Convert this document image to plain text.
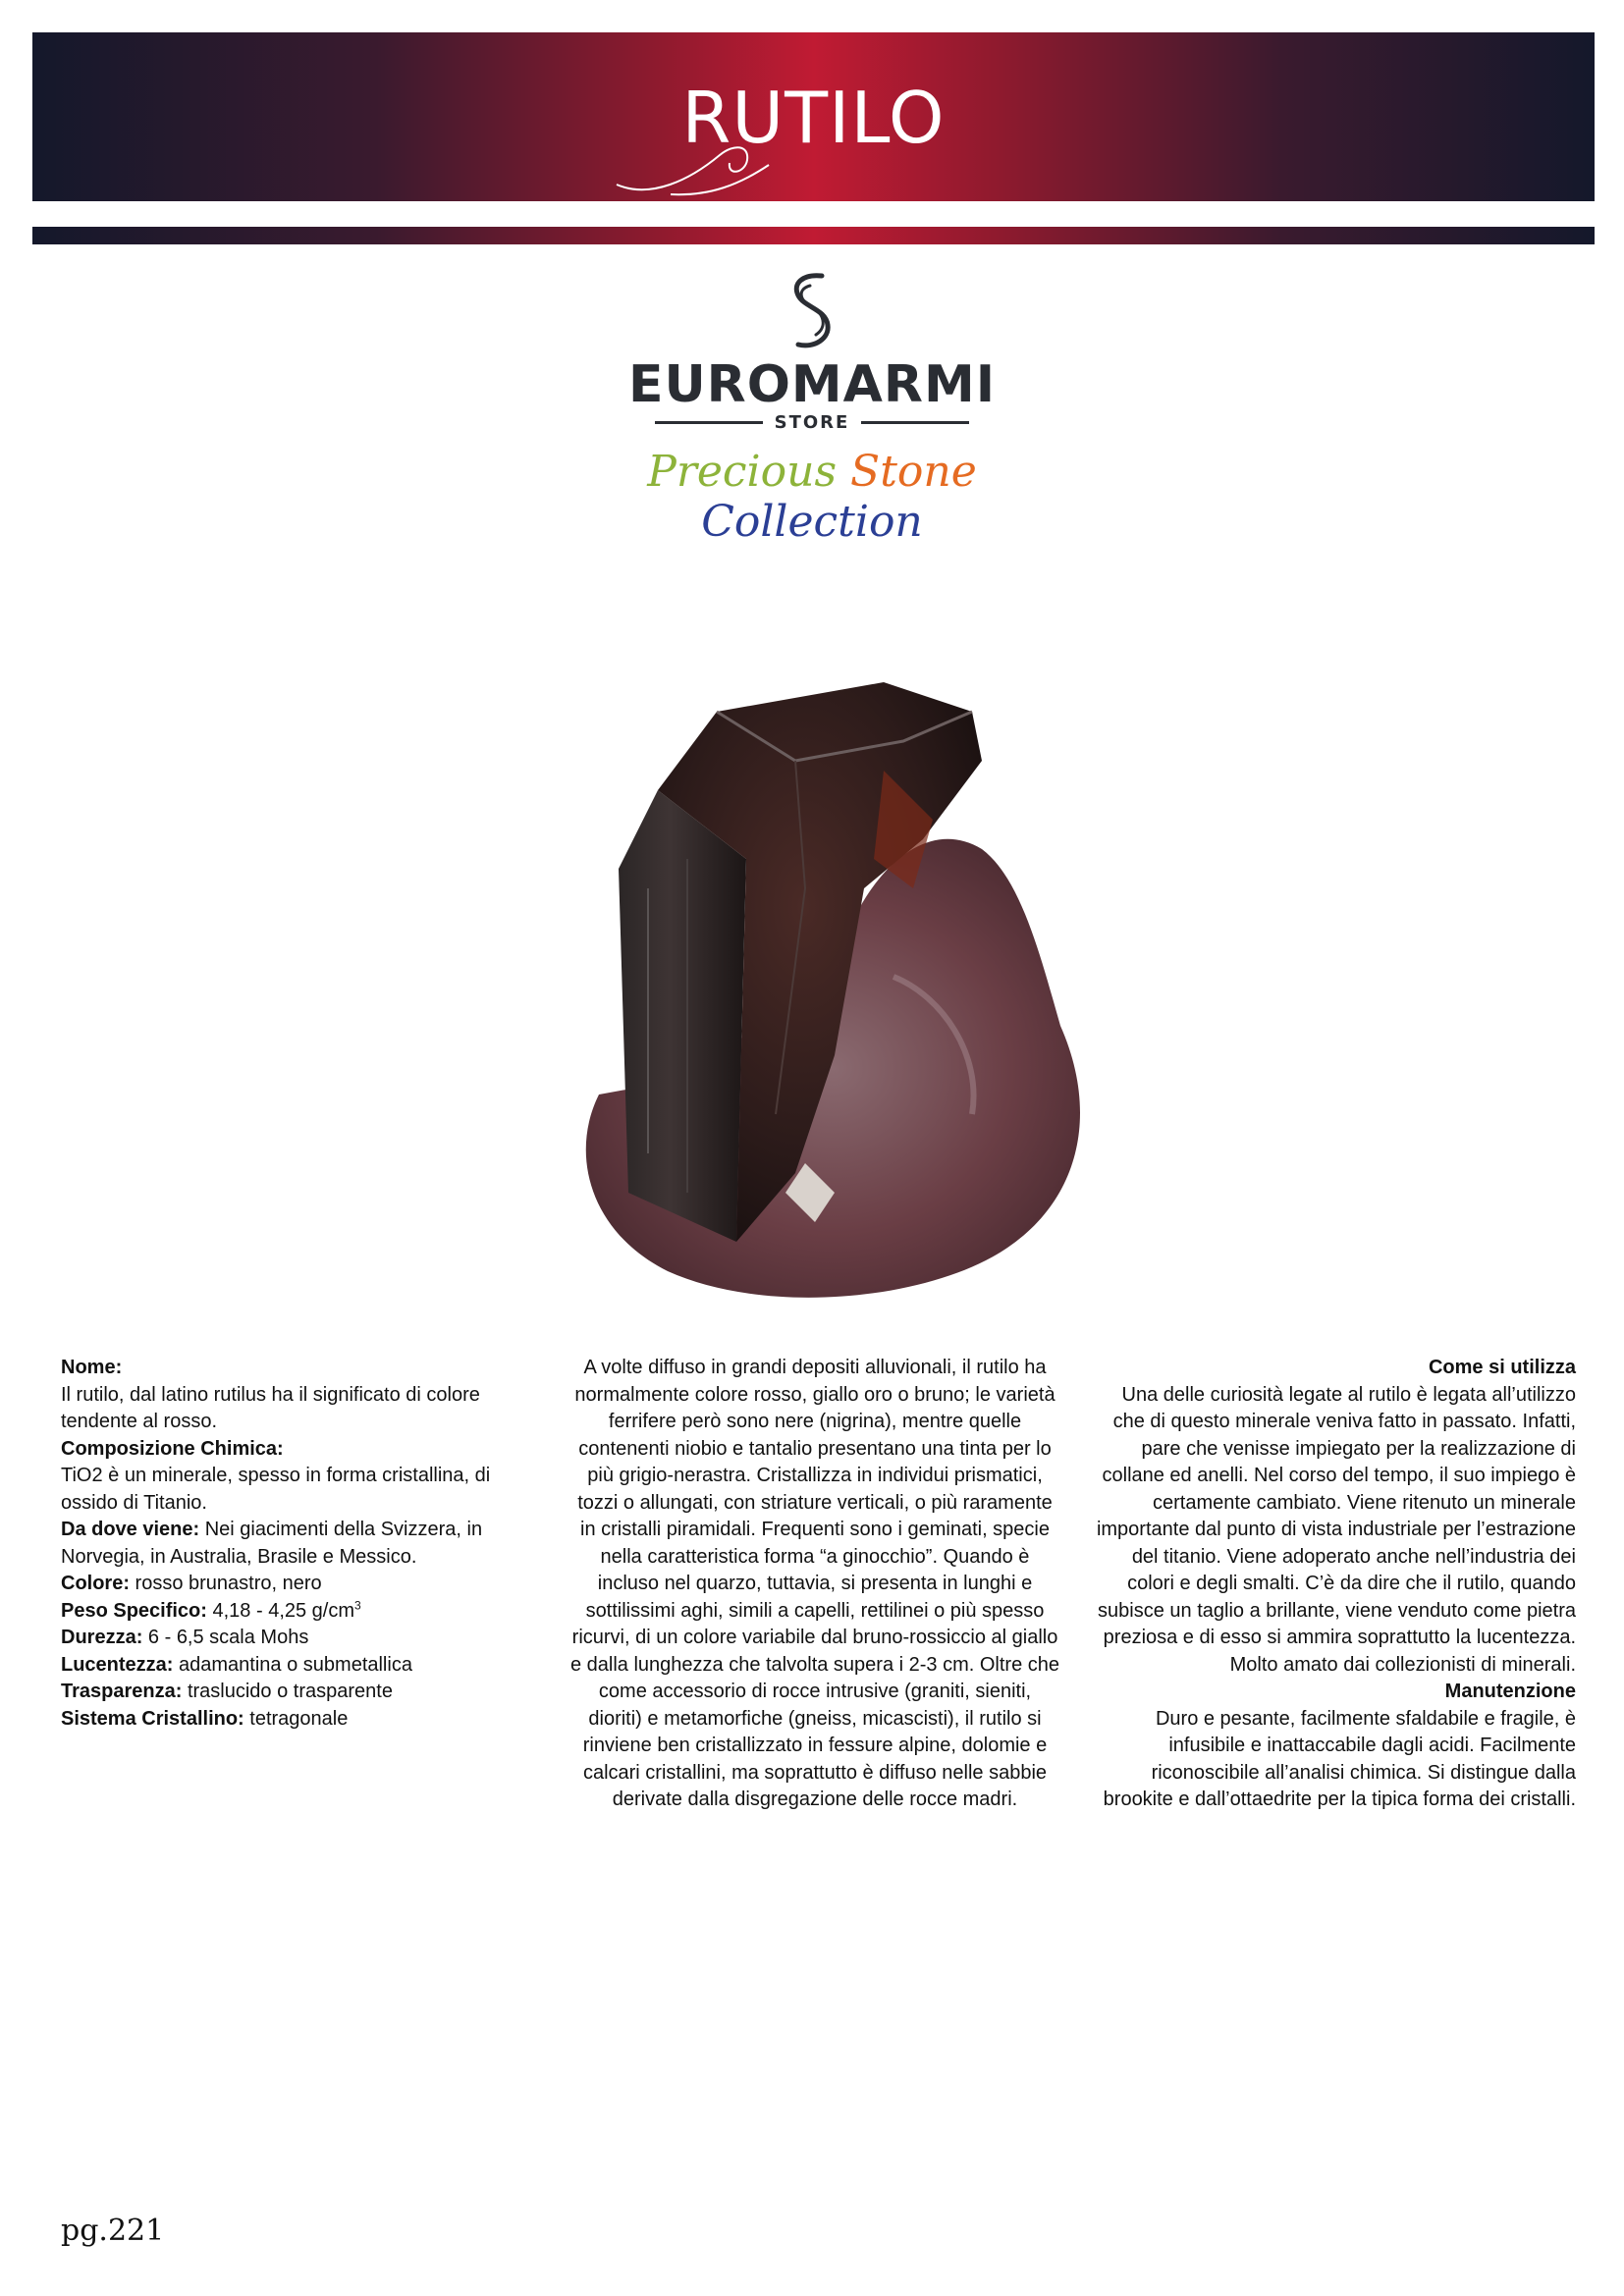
RUTILO
EUROMARMI
STORE
Precious Stone Collection
Nome:
Il rutilo, dal latino rutilus ha il significato di colore tendente al rosso.
Composizione Chimica:
TiO2 è un minerale, spesso in forma cristallina, di ossido di Titanio.
Da dove viene: Nei giacimenti della Svizzera, in Norvegia, in Australia, Brasile e Messico.
Colore: rosso brunastro, nero
Peso Specifico: 4,18 - 4,25 $g/cm^3$
Durezza: 6 - 6,5 scala Mohs
Lucentezza: adamantina o submetallica
Trasparenza: traslucido o trasparente
Sistema Cristallino: tetragonale
A volte diffuso in grandi depositi alluvionali, il rutilo ha normalmente colore rosso, giallo oro o bruno; le varietà ferrifere però sono nere (nigrina), mentre quelle contenenti niobio e tantalio presentano una tinta per lo più grigio-nerastra. Cristallizza in individui prismatici, tozzi o allungati, con striature verticali, o più raramente in cristalli piramidali. Frequenti sono i geminati, specie nella caratteristica forma “a ginocchio”. Quando è incluso nel quarzo, tuttavia, si presenta in lunghi e sottilissimi aghi, simili a capelli, rettilinei o più spesso ricurvi, di un colore variabile dal bruno-rossiccio al giallo e dalla lunghezza che talvolta supera i 2-3 cm. Oltre che come accessorio di rocce intrusive (graniti, sieniti, dioriti) e metamorfiche (gneiss, micascisti), il rutilo si rinviene ben cristallizzato in fessure alpine, dolomie e calcari cristallini, ma soprattutto è diffuso nelle sabbie derivate dalla disgregazione delle rocce madri.
Come si utilizza
Una delle curiosità legate al rutilo è legata all’utilizzo che di questo minerale veniva fatto in passato. Infatti, pare che venisse impiegato per la realizzazione di collane ed anelli. Nel corso del tempo, il suo impiego è certamente cambiato. Viene ritenuto un minerale importante dal punto di vista industriale per l’estrazione del titanio. Viene adoperato anche nell’industria dei colori e degli smalti. C’è da dire che il rutilo, quando subisce un taglio a brillante, viene venduto come pietra preziosa e di esso si ammira soprattutto la lucentezza. Molto amato dai collezionisti di minerali.
Manutenzione
Duro e pesante, facilmente sfaldabile e fragile, è infusibile e inattaccabile dagli acidi. Facilmente riconoscibile all’analisi chimica. Si distingue dalla brookite e dall’ottaedrite per la tipica forma dei cristalli.
pg.221
